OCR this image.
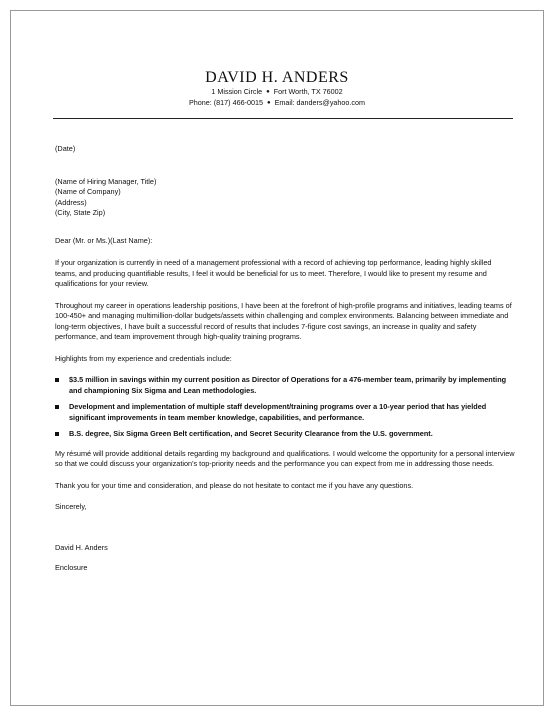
DAVID H. ANDERS
1 Mission Circle ● Fort Worth, TX 76002
Phone: (817) 466-0015 ● Email: danders@yahoo.com

(Date)

(Name of Hiring Manager, Title)

(Name of Company)

(Address)

(City, State Zip)

Dear (Mr. or Ms.)(Last Name):

If your organization is currently in need of a management professional with a record of achieving top performance, leading highly skilled teams, and producing quantifiable results, I feel it would be beneficial for us to meet. Therefore, I would like to present my resume and qualifications for your review.

Throughout my career in operations leadership positions, I have been at the forefront of high-profile programs and initiatives, leading teams of 100-450+ and managing multimillion-dollar budgets/assets within challenging and complex environments. Balancing between immediate and long-term objectives, I have built a successful record of results that includes 7-figure cost savings, an increase in quality and safety performance, and team improvement through high-quality training programs.

Highlights from my experience and credentials include:

$3.5 million in savings within my current position as Director of Operations for a 476-member team, primarily by implementing and championing Six Sigma and Lean methodologies.
Development and implementation of multiple staff development/training programs over a 10-year period that has yielded significant improvements in team member knowledge, capabilities, and performance.
B.S. degree, Six Sigma Green Belt certification, and Secret Security Clearance from the U.S. government.

My résumé will provide additional details regarding my background and qualifications. I would welcome the opportunity for a personal interview so that we could discuss your organization's top-priority needs and the performance you can expect from me in addressing those needs.

Thank you for your time and consideration, and please do not hesitate to contact me if you have any questions.

Sincerely,

David H. Anders

Enclosure
